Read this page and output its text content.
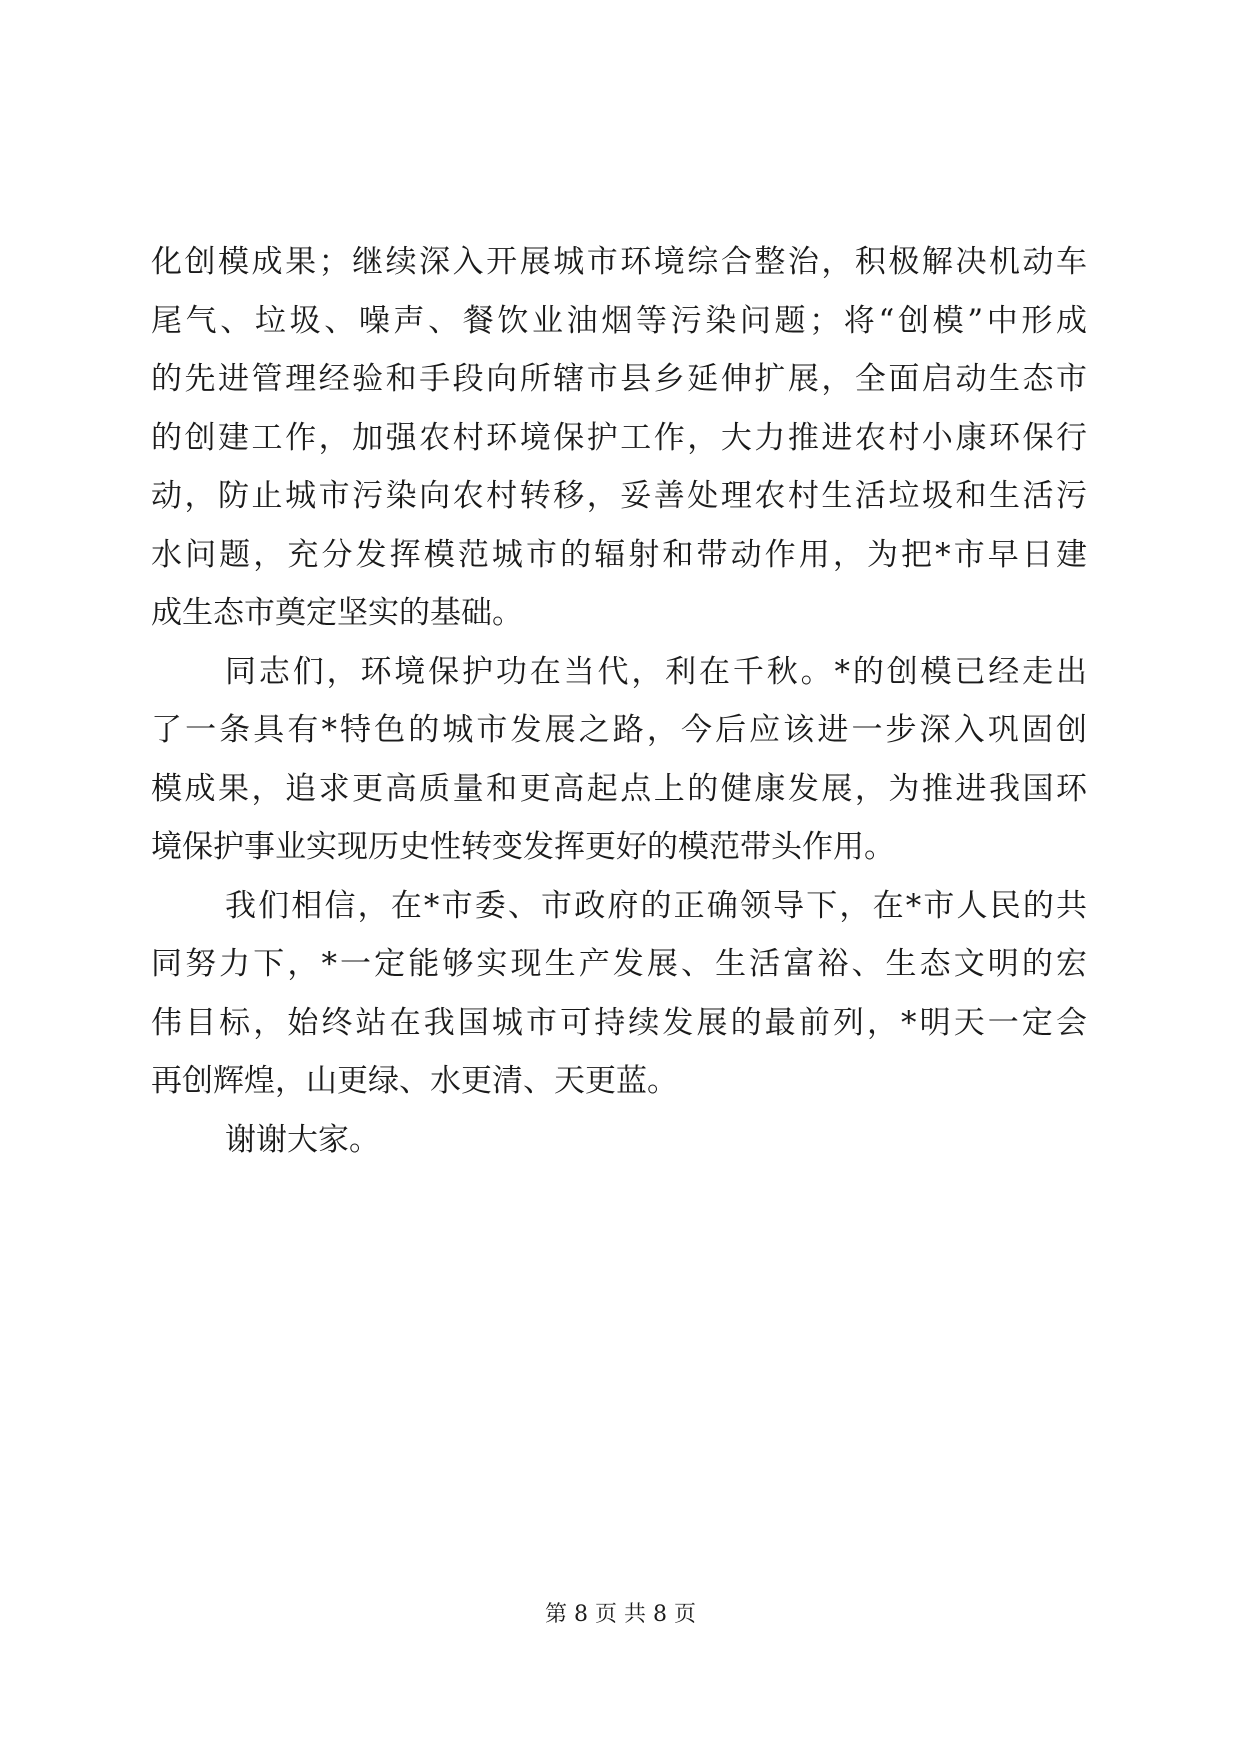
化创模成果；继续深入开展城市环境综合整治，积极解决机动车
尾气、垃圾、噪声、餐饮业油烟等污染问题；将“创模”中形成
的先进管理经验和手段向所辖市县乡延伸扩展，全面启动生态市
的创建工作，加强农村环境保护工作，大力推进农村小康环保行
动，防止城市污染向农村转移，妥善处理农村生活垃圾和生活污
水问题，充分发挥模范城市的辐射和带动作用，为把*市早日建
成生态市奠定坚实的基础。
同志们，环境保护功在当代，利在千秋。*的创模已经走出
了一条具有*特色的城市发展之路，今后应该进一步深入巩固创
模成果，追求更高质量和更高起点上的健康发展，为推进我国环
境保护事业实现历史性转变发挥更好的模范带头作用。
我们相信，在*市委、市政府的正确领导下，在*市人民的共
同努力下，*一定能够实现生产发展、生活富裕、生态文明的宏
伟目标，始终站在我国城市可持续发展的最前列，*明天一定会
再创辉煌，山更绿、水更清、天更蓝。
谢谢大家。
第 8 页 共 8 页
